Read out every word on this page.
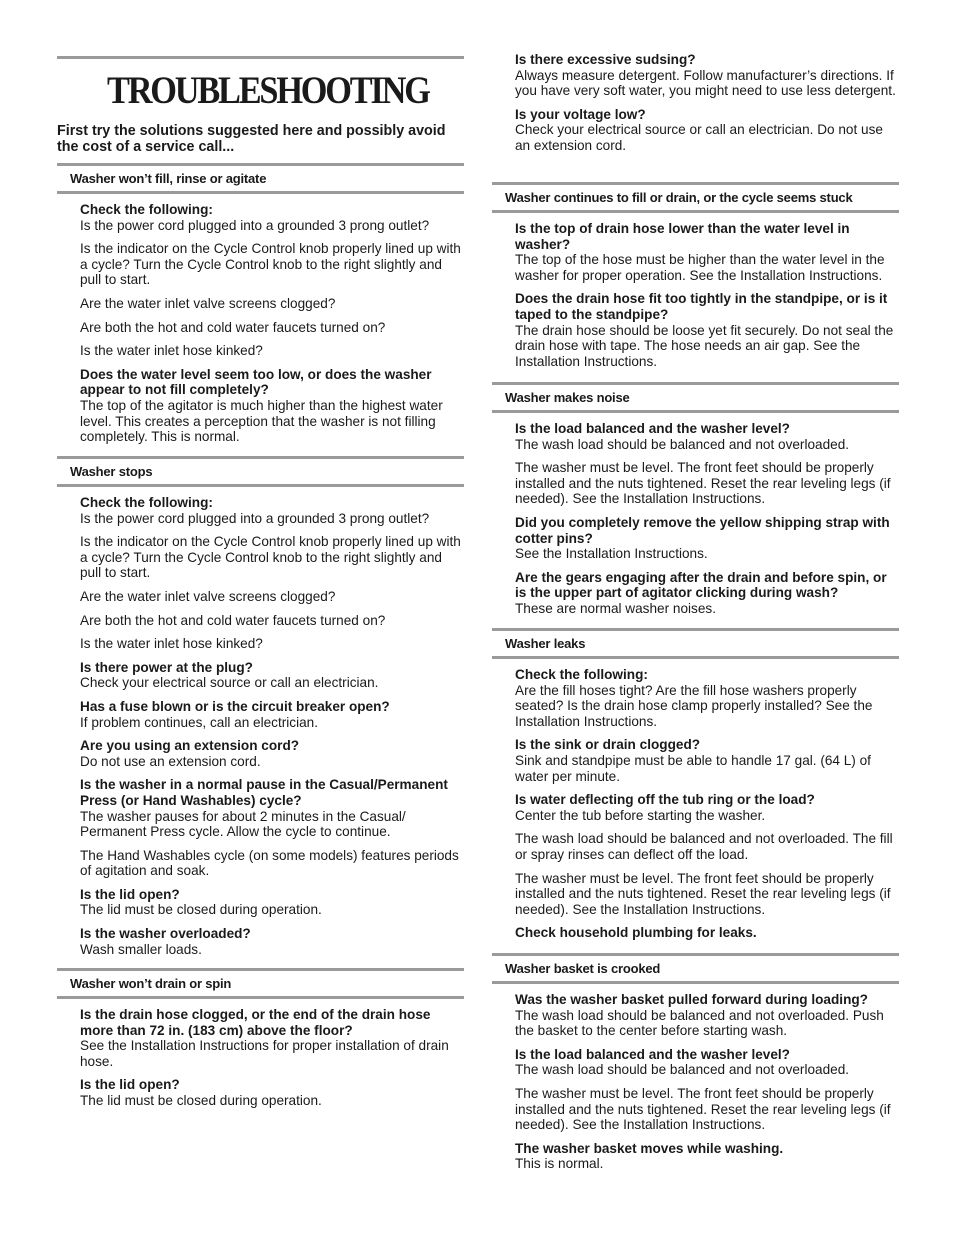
TROUBLESHOOTING

First try the solutions suggested here and possibly avoid the cost of a service call...

Washer won’t fill, rinse or agitate
Check the following:
Is the power cord plugged into a grounded 3 prong outlet?
Is the indicator on the Cycle Control knob properly lined up with a cycle? Turn the Cycle Control knob to the right slightly and pull to start.
Are the water inlet valve screens clogged?
Are both the hot and cold water faucets turned on?
Is the water inlet hose kinked?
Does the water level seem too low, or does the washer appear to not fill completely?
The top of the agitator is much higher than the highest water level. This creates a perception that the washer is not filling completely. This is normal.
Washer stops
Check the following:
Is the power cord plugged into a grounded 3 prong outlet?
Is the indicator on the Cycle Control knob properly lined up with a cycle? Turn the Cycle Control knob to the right slightly and pull to start.
Are the water inlet valve screens clogged?
Are both the hot and cold water faucets turned on?
Is the water inlet hose kinked?
Is there power at the plug?
Check your electrical source or call an electrician.
Has a fuse blown or is the circuit breaker open?
If problem continues, call an electrician.
Are you using an extension cord?
Do not use an extension cord.
Is the washer in a normal pause in the Casual/Permanent Press (or Hand Washables) cycle?
The washer pauses for about 2 minutes in the Casual/ Permanent Press cycle. Allow the cycle to continue.
The Hand Washables cycle (on some models) features periods of agitation and soak.
Is the lid open?
The lid must be closed during operation.
Is the washer overloaded?
Wash smaller loads.
Washer won’t drain or spin
Is the drain hose clogged, or the end of the drain hose more than 72 in. (183 cm) above the floor?
See the Installation Instructions for proper installation of drain hose.
Is the lid open?
The lid must be closed during operation.
Is there excessive sudsing?
Always measure detergent. Follow manufacturer’s directions. If you have very soft water, you might need to use less detergent.
Is your voltage low?
Check your electrical source or call an electrician. Do not use an extension cord.
Washer continues to fill or drain, or the cycle seems stuck
Is the top of drain hose lower than the water level in washer?
The top of the hose must be higher than the water level in the washer for proper operation. See the Installation Instructions.
Does the drain hose fit too tightly in the standpipe, or is it taped to the standpipe?
The drain hose should be loose yet fit securely. Do not seal the drain hose with tape. The hose needs an air gap. See the Installation Instructions.
Washer makes noise
Is the load balanced and the washer level?
The wash load should be balanced and not overloaded.
The washer must be level. The front feet should be properly installed and the nuts tightened. Reset the rear leveling legs (if needed). See the Installation Instructions.
Did you completely remove the yellow shipping strap with cotter pins?
See the Installation Instructions.
Are the gears engaging after the drain and before spin, or is the upper part of agitator clicking during wash?
These are normal washer noises.
Washer leaks
Check the following:
Are the fill hoses tight? Are the fill hose washers properly seated? Is the drain hose clamp properly installed? See the Installation Instructions.
Is the sink or drain clogged?
Sink and standpipe must be able to handle 17 gal. (64 L) of water per minute.
Is water deflecting off the tub ring or the load?
Center the tub before starting the washer.
The wash load should be balanced and not overloaded. The fill or spray rinses can deflect off the load.
The washer must be level. The front feet should be properly installed and the nuts tightened. Reset the rear leveling legs (if needed). See the Installation Instructions.
Check household plumbing for leaks.
Washer basket is crooked
Was the washer basket pulled forward during loading?
The wash load should be balanced and not overloaded. Push the basket to the center before starting wash.
Is the load balanced and the washer level?
The wash load should be balanced and not overloaded.
The washer must be level. The front feet should be properly installed and the nuts tightened. Reset the rear leveling legs (if needed). See the Installation Instructions.
The washer basket moves while washing.
This is normal.
